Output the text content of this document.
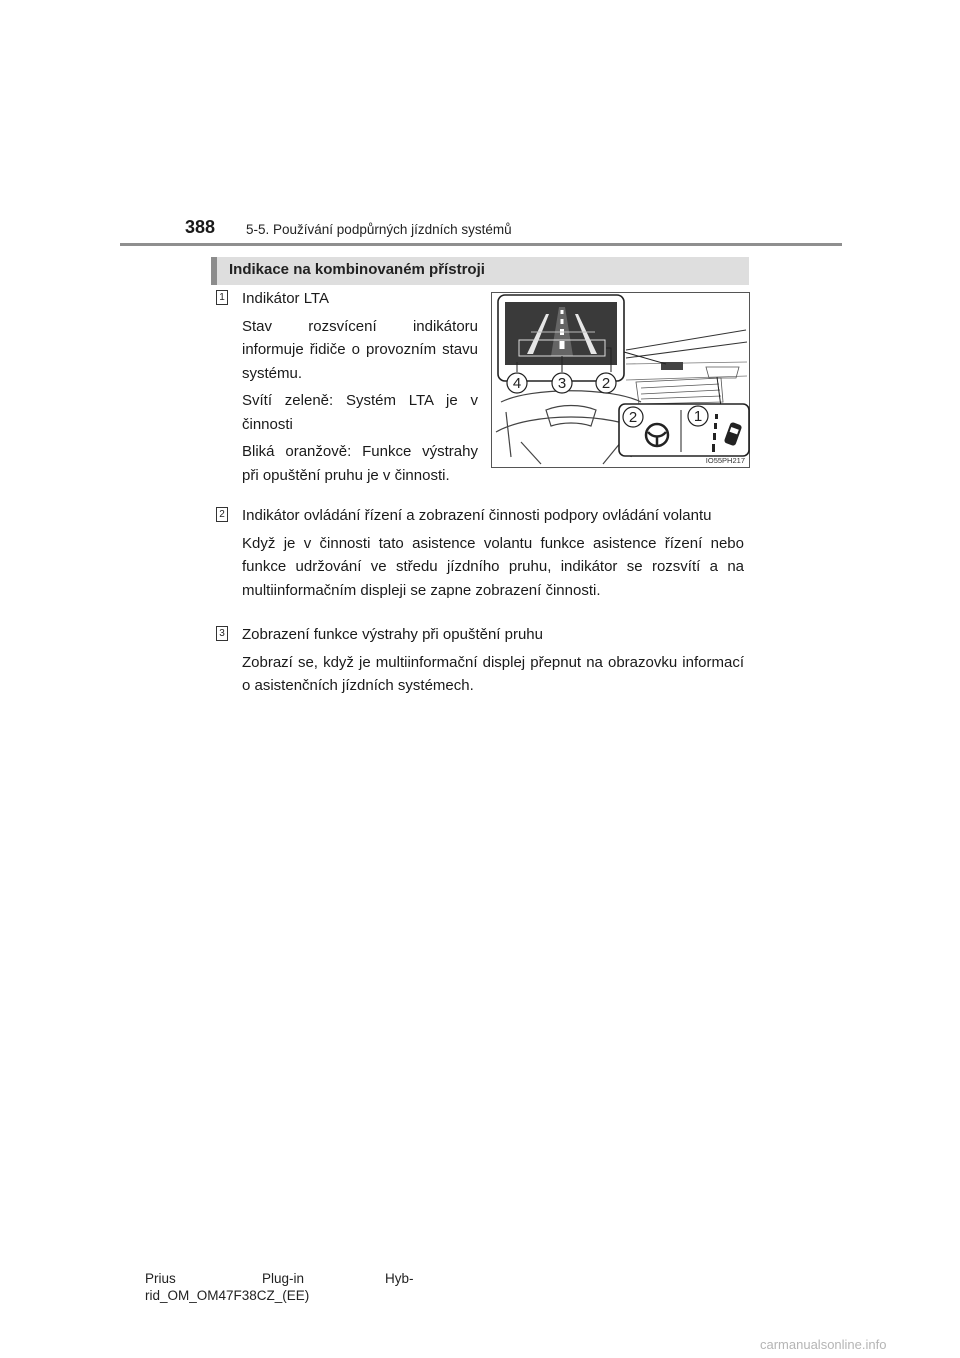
388 5-5. Používání podpůrných jízdních systémů
Indikace na kombinovaném přístroji
1 Indikátor LTA

Stav rozsvícení indikátoru informuje řidiče o provozním stavu systému.

Svítí zeleně: Systém LTA je v činnosti

Bliká oranžově: Funkce výstrahy při opuštění pruhu je v činnosti.

4 3 2
2	1
IO55PH217
2 Indikátor ovládání řízení a zobrazení činnosti podpory ovládání volantu

Když je v činnosti tato asistence volantu funkce asistence řízení nebo funkce udržování ve středu jízdního pruhu, indikátor se rozsvítí a na multiinformačním displeji se zapne zobrazení činnosti.

3 Zobrazení funkce výstrahy při opuštění pruhu

Zobrazí se, když je multiinformační displej přepnut na obrazovku informací o asistenčních jízdních systémech.

Prius	Plug-in	Hyb-
rid_OM_OM47F38CZ_(EE)
carmanualsonline.info
